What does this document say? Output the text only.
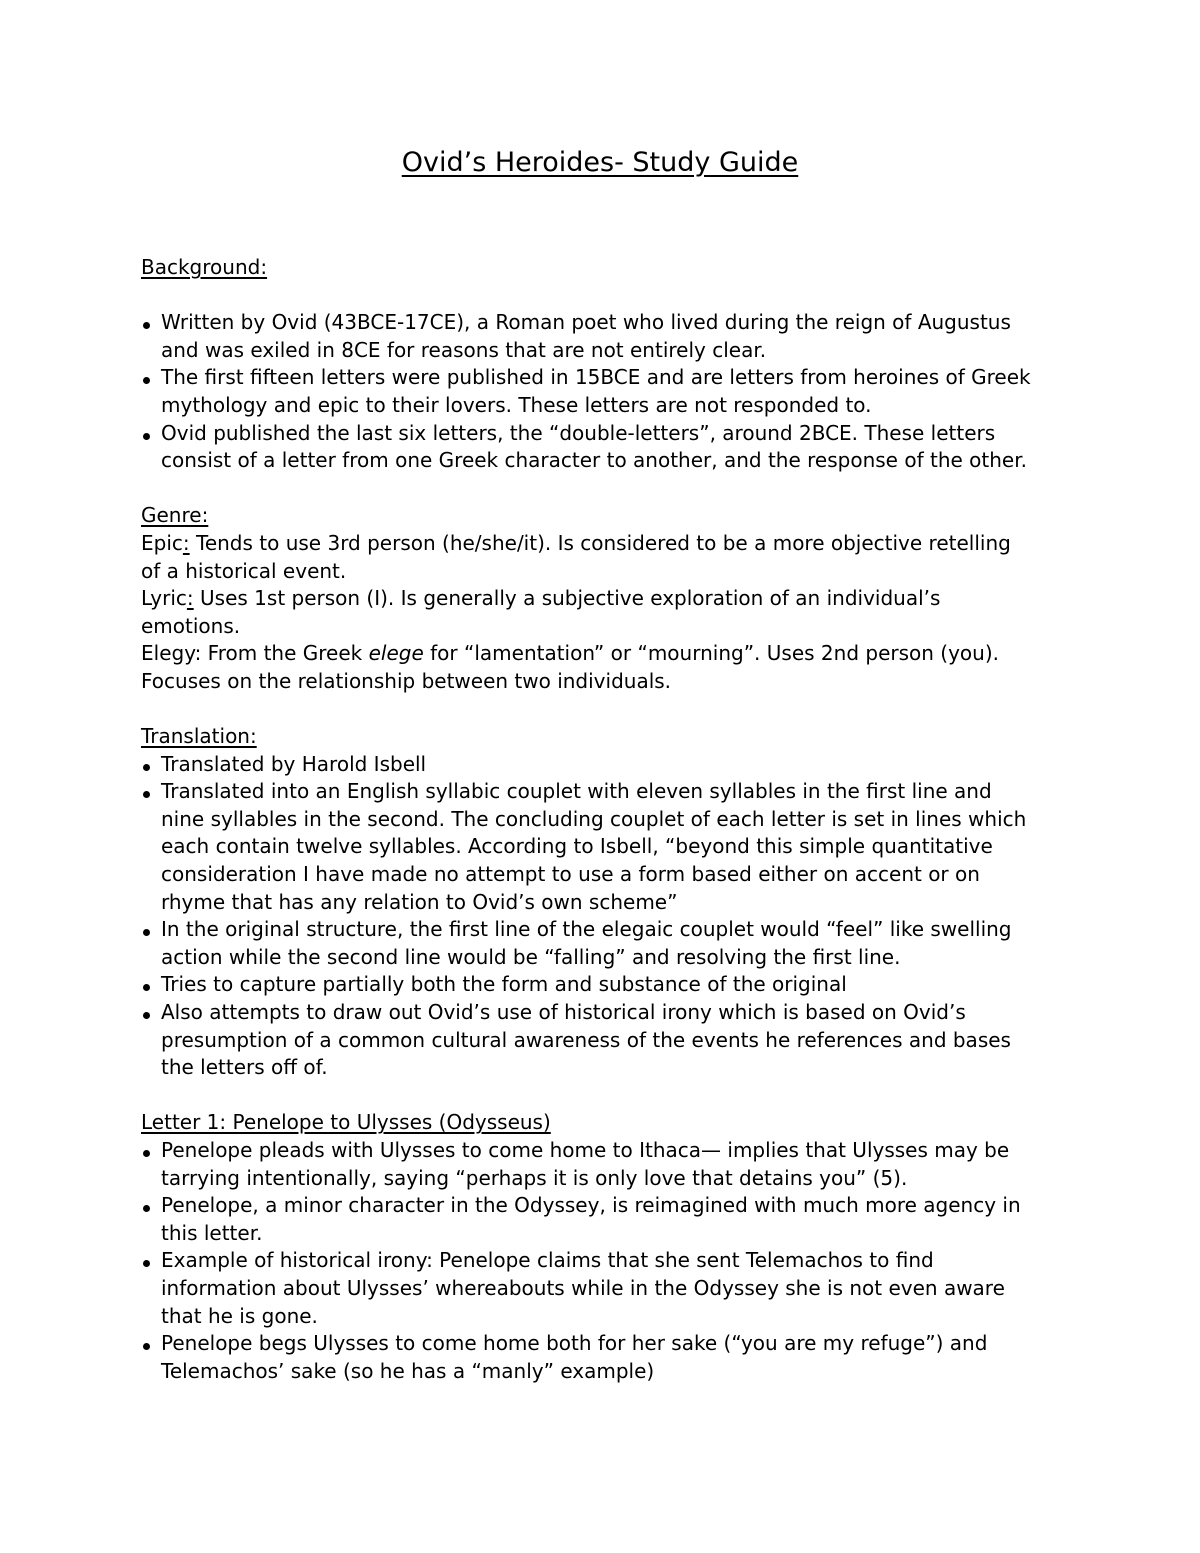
Ovid’s Heroides- Study Guide
Background:
Written by Ovid (43BCE-17CE), a Roman poet who lived during the reign of Augustus
and was exiled in 8CE for reasons that are not entirely clear.
The first fifteen letters were published in 15BCE and are letters from heroines of Greek
mythology and epic to their lovers. These letters are not responded to.
Ovid published the last six letters, the “double-letters”, around 2BCE. These letters
consist of a letter from one Greek character to another, and the response of the other.
Genre:
Epic: Tends to use 3rd person (he/she/it). Is considered to be a more objective retelling
of a historical event.
Lyric: Uses 1st person (I). Is generally a subjective exploration of an individual’s
emotions.
Elegy: From the Greek elege for “lamentation” or “mourning”. Uses 2nd person (you).
Focuses on the relationship between two individuals.
Translation:
Translated by Harold Isbell
Translated into an English syllabic couplet with eleven syllables in the first line and
nine syllables in the second. The concluding couplet of each letter is set in lines which
each contain twelve syllables. According to Isbell, “beyond this simple quantitative
consideration I have made no attempt to use a form based either on accent or on
rhyme that has any relation to Ovid’s own scheme”
In the original structure, the first line of the elegaic couplet would “feel” like swelling
action while the second line would be “falling” and resolving the first line.
Tries to capture partially both the form and substance of the original
Also attempts to draw out Ovid’s use of historical irony which is based on Ovid’s
presumption of a common cultural awareness of the events he references and bases
the letters off of.
Letter 1: Penelope to Ulysses (Odysseus)
Penelope pleads with Ulysses to come home to Ithaca— implies that Ulysses may be
tarrying intentionally, saying “perhaps it is only love that detains you” (5).
Penelope, a minor character in the Odyssey, is reimagined with much more agency in
this letter.
Example of historical irony: Penelope claims that she sent Telemachos to find
information about Ulysses’ whereabouts while in the Odyssey she is not even aware
that he is gone.
Penelope begs Ulysses to come home both for her sake (“you are my refuge”) and
Telemachos’ sake (so he has a “manly” example)
